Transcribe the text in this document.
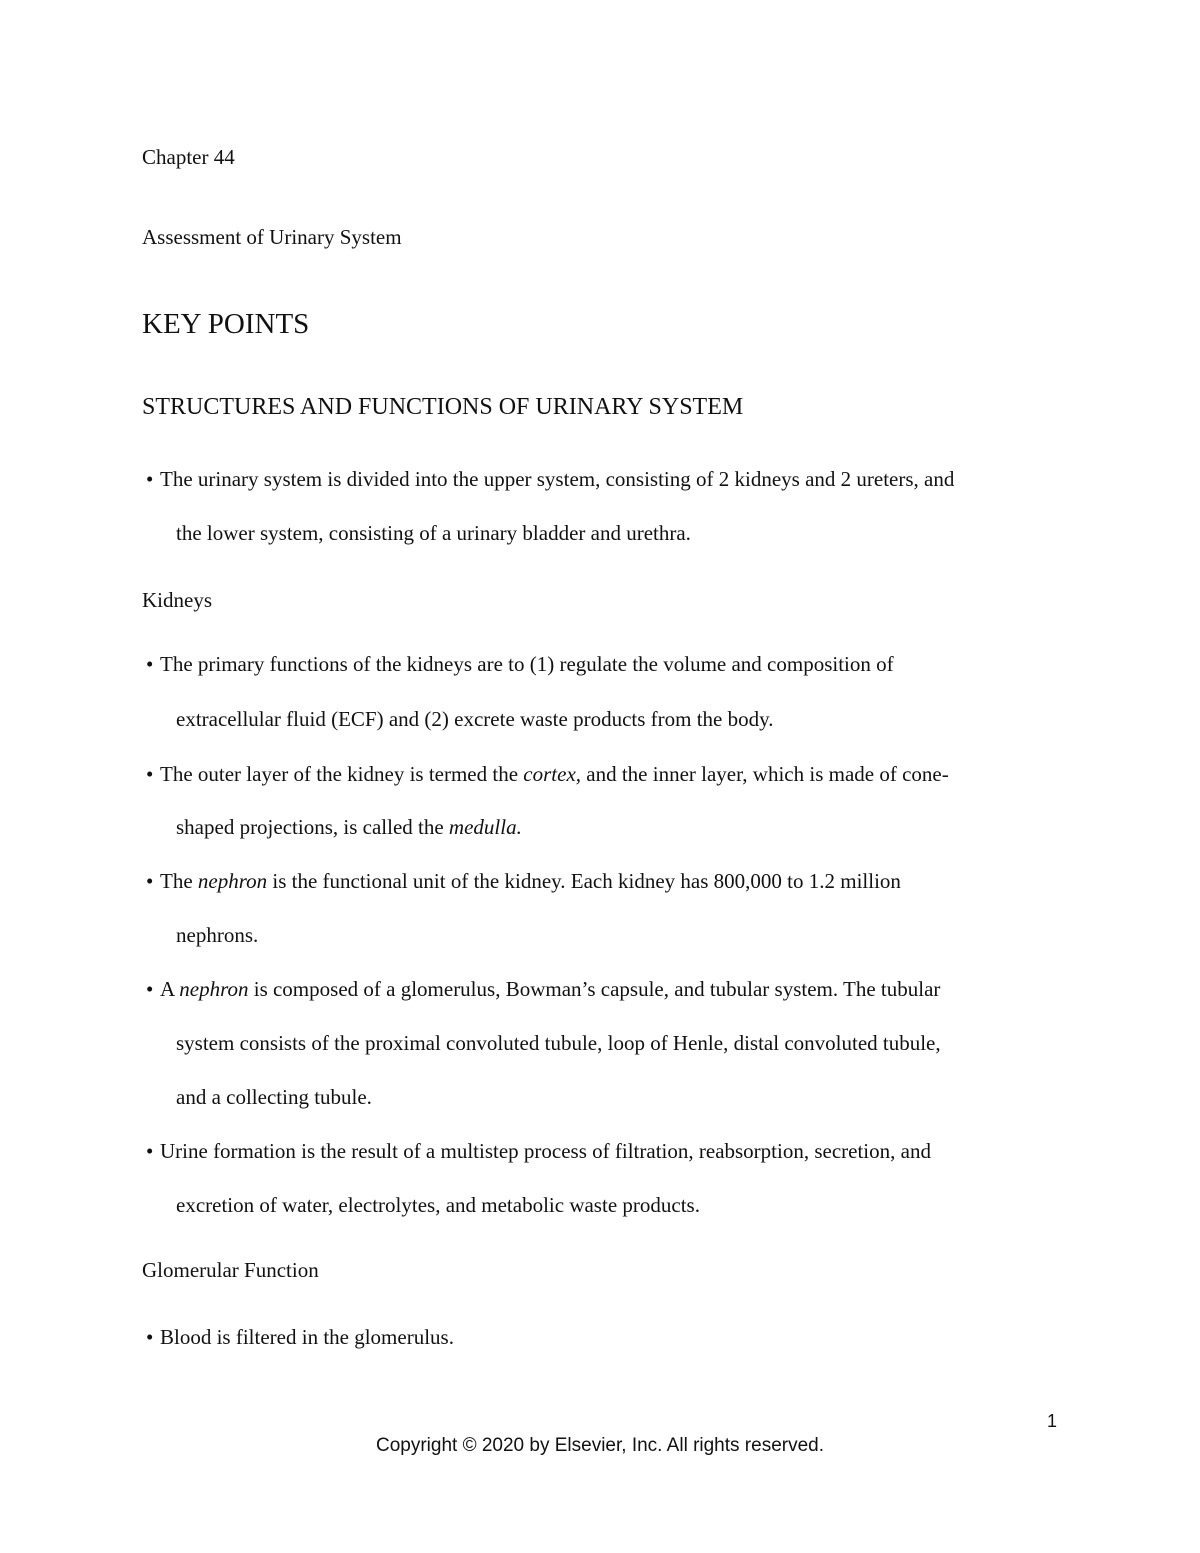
Chapter 44
Assessment of Urinary System
KEY POINTS
STRUCTURES AND FUNCTIONS OF URINARY SYSTEM
• The urinary system is divided into the upper system, consisting of 2 kidneys and 2 ureters, and
the lower system, consisting of a urinary bladder and urethra.
Kidneys
• The primary functions of the kidneys are to (1) regulate the volume and composition of
extracellular fluid (ECF) and (2) excrete waste products from the body.
• The outer layer of the kidney is termed the cortex, and the inner layer, which is made of cone-
shaped projections, is called the medulla.
• The nephron is the functional unit of the kidney. Each kidney has 800,000 to 1.2 million
nephrons.
• A nephron is composed of a glomerulus, Bowman’s capsule, and tubular system. The tubular
system consists of the proximal convoluted tubule, loop of Henle, distal convoluted tubule,
and a collecting tubule.
• Urine formation is the result of a multistep process of filtration, reabsorption, secretion, and
excretion of water, electrolytes, and metabolic waste products.
Glomerular Function
• Blood is filtered in the glomerulus.
1
Copyright © 2020 by Elsevier, Inc. All rights reserved.
